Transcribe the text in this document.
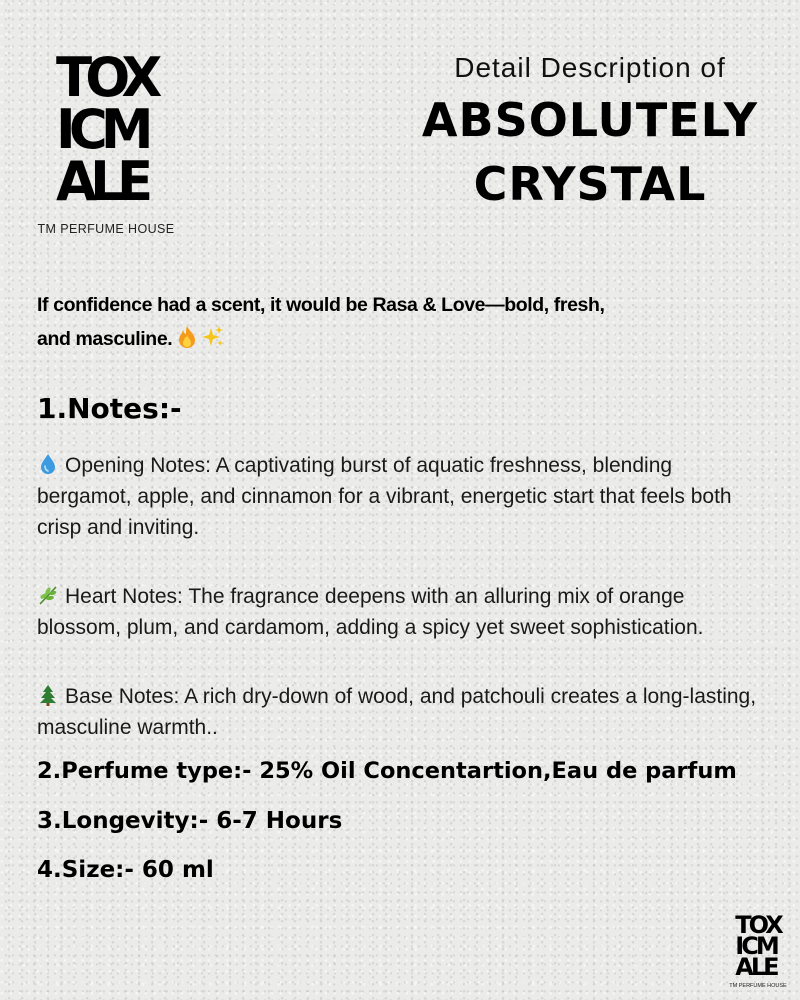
TOX
ICM
ALE
TM PERFUME HOUSE
Detail Description of
ABSOLUTELY
CRYSTAL
If confidence had a scent, it would be Rasa & Love—bold, fresh,
and masculine.
1.Notes:-
Opening Notes: A captivating burst of aquatic freshness, blending bergamot, apple, and cinnamon for a vibrant, energetic start that feels both crisp and inviting.
Heart Notes: The fragrance deepens with an alluring mix of orange blossom, plum, and cardamom, adding a spicy yet sweet sophistication.
Base Notes: A rich dry-down of wood, and patchouli creates a long-lasting, masculine warmth..
2.Perfume type:- 25% Oil Concentartion,Eau de parfum
3.Longevity:- 6-7 Hours
4.Size:- 60 ml
TOX
ICM
ALE
TM PERFUME HOUSE
